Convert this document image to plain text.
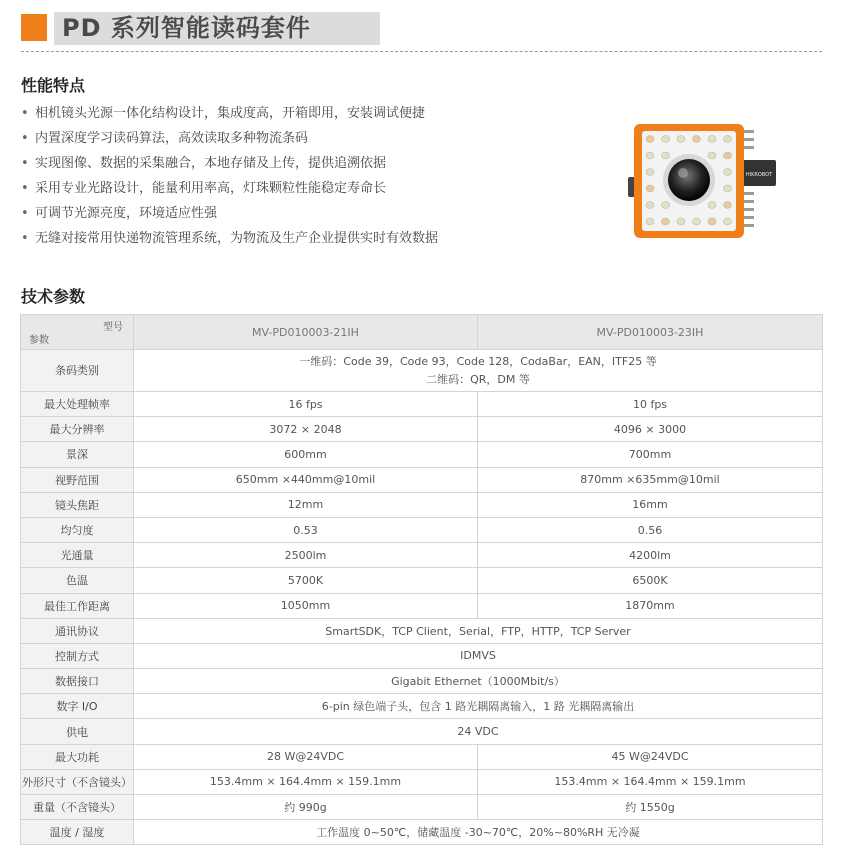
PD 系列智能读码套件
性能特点
• 相机镜头光源一体化结构设计，集成度高，开箱即用，安装调试便捷
• 内置深度学习读码算法，高效读取多种物流条码
• 实现图像、数据的采集融合，本地存储及上传，提供追溯依据
• 采用专业光路设计，能量利用率高，灯珠颗粒性能稳定寿命长
• 可调节光源亮度，环境适应性强
• 无缝对接常用快递物流管理系统，为物流及生产企业提供实时有效数据
HIKROBOT
技术参数
型号
参数	MV-PD010003-21IH	MV-PD010003-23IH
条码类别	一维码：Code 39，Code 93，Code 128，CodaBar，EAN，ITF25 等
二维码：QR，DM 等	

最大处理帧率	16 fps	10 fps
最大分辨率	3072 × 2048	4096 × 3000
景深	600mm	700mm
视野范围	650mm ×440mm@10mil	870mm ×635mm@10mil
镜头焦距	12mm	16mm
均匀度	0.53	0.56
光通量	2500lm	4200lm
色温	5700K	6500K
最佳工作距离	1050mm	1870mm
通讯协议	SmartSDK，TCP Client，Serial，FTP，HTTP，TCP Server	
控制方式	IDMVS	
数据接口	Gigabit Ethernet（1000Mbit/s）	
数字 I/O	6-pin 绿色端子头，包含 1 路光耦隔离输入，1 路 光耦隔离输出	
供电	24 VDC	
最大功耗	28 W@24VDC	45 W@24VDC
外形尺寸（不含镜头）	153.4mm × 164.4mm × 159.1mm	153.4mm × 164.4mm × 159.1mm
重量（不含镜头）	约 990g	约 1550g
温度 / 湿度	工作温度 0~50℃，储藏温度 -30~70℃，20%~80%RH 无冷凝	
